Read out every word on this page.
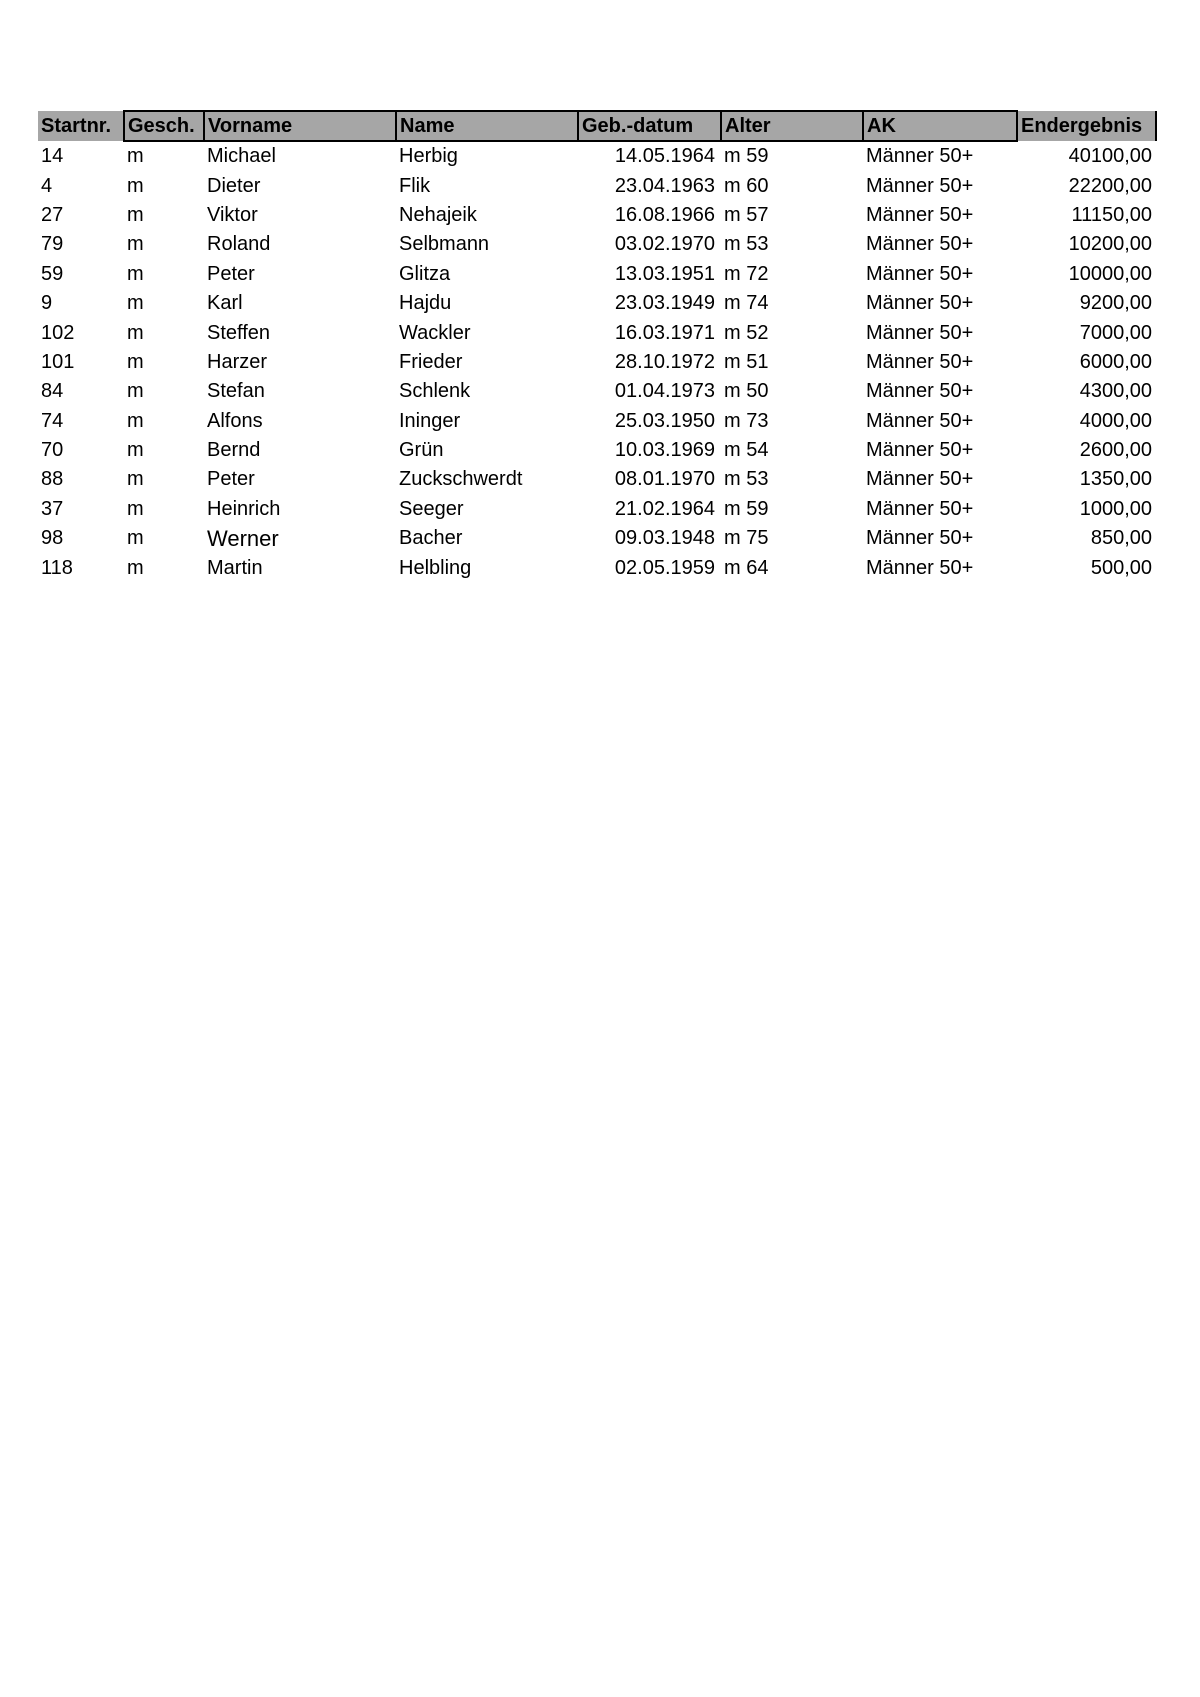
Startnr.	Gesch.	Vorname	Name	Geb.-datum	Alter	AK	Endergebnis
14	m	Michael	Herbig	14.05.1964	m 59	Männer 50+	40100,00
4	m	Dieter	Flik	23.04.1963	m 60	Männer 50+	22200,00
27	m	Viktor	Nehajeik	16.08.1966	m 57	Männer 50+	11150,00
79	m	Roland	Selbmann	03.02.1970	m 53	Männer 50+	10200,00
59	m	Peter	Glitza	13.03.1951	m 72	Männer 50+	10000,00
9	m	Karl	Hajdu	23.03.1949	m 74	Männer 50+	9200,00
102	m	Steffen	Wackler	16.03.1971	m 52	Männer 50+	7000,00
101	m	Harzer	Frieder	28.10.1972	m 51	Männer 50+	6000,00
84	m	Stefan	Schlenk	01.04.1973	m 50	Männer 50+	4300,00
74	m	Alfons	Ininger	25.03.1950	m 73	Männer 50+	4000,00
70	m	Bernd	Grün	10.03.1969	m 54	Männer 50+	2600,00
88	m	Peter	Zuckschwerdt	08.01.1970	m 53	Männer 50+	1350,00
37	m	Heinrich	Seeger	21.02.1964	m 59	Männer 50+	1000,00
98	m	Werner	Bacher	09.03.1948	m 75	Männer 50+	850,00
118	m	Martin	Helbling	02.05.1959	m 64	Männer 50+	500,00
